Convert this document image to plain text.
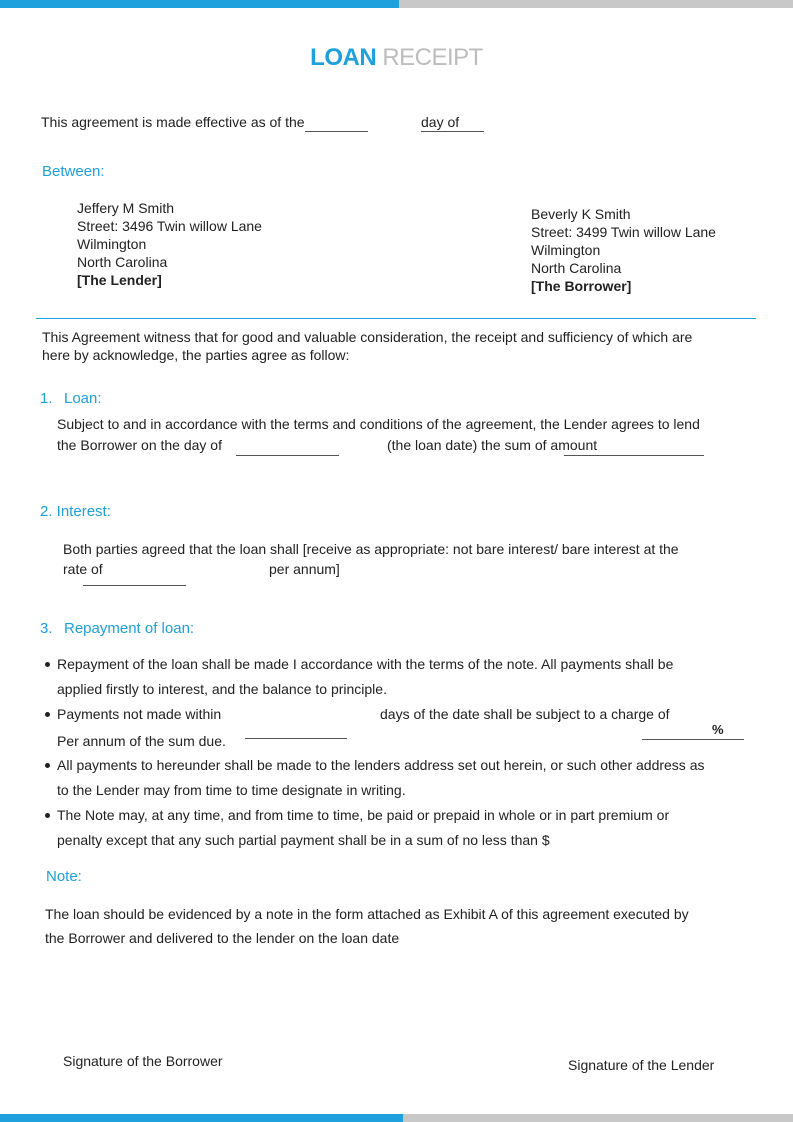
LOAN RECEIPT
This agreement is made effective as of the	day of
Between:
Jeffery M Smith
Street: 3496 Twin willow Lane
Wilmington
North Carolina
[The Lender]
Beverly K Smith
Street: 3499 Twin willow Lane
Wilmington
North Carolina
[The Borrower]
This Agreement witness that for good and valuable consideration, the receipt and sufficiency of which are
here by acknowledge, the parties agree as follow:
1. Loan:
Subject to and in accordance with the terms and conditions of the agreement, the Lender agrees to lend
the Borrower on the day of	(the loan date) the sum of amount
2. Interest:
Both parties agreed that the loan shall [receive as appropriate: not bare interest/ bare interest at the
rate of	per annum]
3. Repayment of loan:
Repayment of the loan shall be made I accordance with the terms of the note. All payments shall be
applied firstly to interest, and the balance to principle.
Payments not made within	days of the date shall be subject to a charge of
%
Per annum of the sum due.
All payments to hereunder shall be made to the lenders address set out herein, or such other address as
to the Lender may from time to time designate in writing.
The Note may, at any time, and from time to time, be paid or prepaid in whole or in part premium or
penalty except that any such partial payment shall be in a sum of no less than $
Note:
The loan should be evidenced by a note in the form attached as Exhibit A of this agreement executed by
the Borrower and delivered to the lender on the loan date
Signature of the Borrower	Signature of the Lender
